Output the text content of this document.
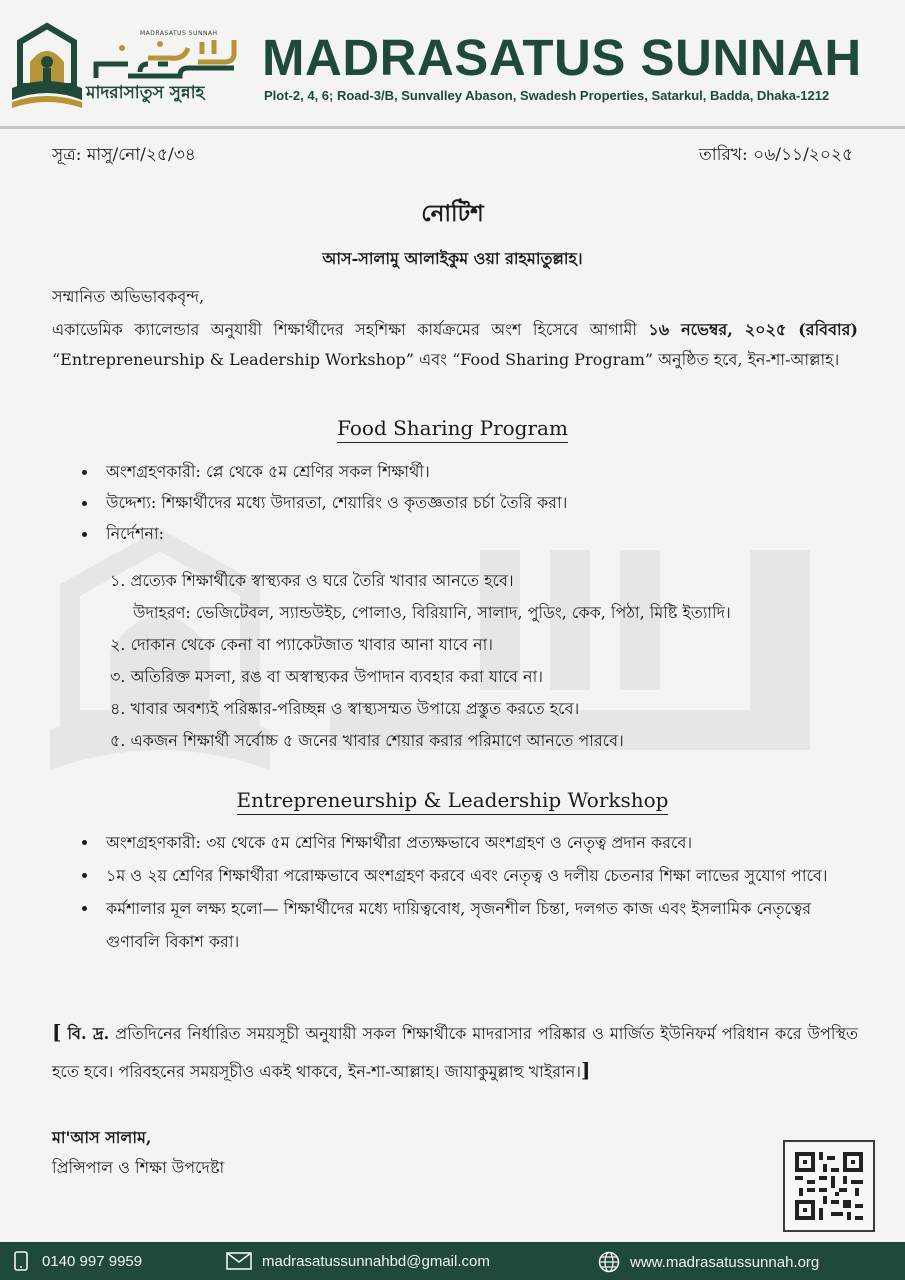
MADRASATUS SUNNAH
মাদরাসাতুস সুন্নাহ
MADRASATUS SUNNAH
Plot-2, 4, 6; Road-3/B, Sunvalley Abason, Swadesh Properties, Satarkul, Badda, Dhaka-1212
সূত্র: মাসু/নো/২৫/৩৪	তারিখ: ০৬/১১/২০২৫
নোটিশ
আস-সালামু আলাইকুম ওয়া রাহমাতুল্লাহ।
সম্মানিত অভিভাবকবৃন্দ,

একাডেমিক ক্যালেন্ডার অনুযায়ী শিক্ষার্থীদের সহশিক্ষা কার্যক্রমের অংশ হিসেবে আগামী ১৬ নভেম্বর, ২০২৫ (রবিবার) “Entrepreneurship & Leadership Workshop” এবং “Food Sharing Program” অনুষ্ঠিত হবে, ইন-শা-আল্লাহ।

Food Sharing Program
অংশগ্রহণকারী: প্লে থেকে ৫ম শ্রেণির সকল শিক্ষার্থী।
উদ্দেশ্য: শিক্ষার্থীদের মধ্যে উদারতা, শেয়ারিং ও কৃতজ্ঞতার চর্চা তৈরি করা।
নির্দেশনা:
১. প্রত্যেক শিক্ষার্থীকে স্বাস্থ্যকর ও ঘরে তৈরি খাবার আনতে হবে।
উদাহরণ: ভেজিটেবল, স্যান্ডউইচ, পোলাও, বিরিয়ানি, সালাদ, পুডিং, কেক, পিঠা, মিষ্টি ইত্যাদি।
২. দোকান থেকে কেনা বা প্যাকেটজাত খাবার আনা যাবে না।
৩. অতিরিক্ত মসলা, রঙ বা অস্বাস্থ্যকর উপাদান ব্যবহার করা যাবে না।
৪. খাবার অবশ্যই পরিষ্কার-পরিচ্ছন্ন ও স্বাস্থ্যসম্মত উপায়ে প্রস্তুত করতে হবে।
৫. একজন শিক্ষার্থী সর্বোচ্চ ৫ জনের খাবার শেয়ার করার পরিমাণে আনতে পারবে।
Entrepreneurship & Leadership Workshop
অংশগ্রহণকারী: ৩য় থেকে ৫ম শ্রেণির শিক্ষার্থীরা প্রত্যক্ষভাবে অংশগ্রহণ ও নেতৃত্ব প্রদান করবে।
১ম ও ২য় শ্রেণির শিক্ষার্থীরা পরোক্ষভাবে অংশগ্রহণ করবে এবং নেতৃত্ব ও দলীয় চেতনার শিক্ষা লাভের সুযোগ পাবে।
কর্মশালার মূল লক্ষ্য হলো— শিক্ষার্থীদের মধ্যে দায়িত্ববোধ, সৃজনশীল চিন্তা, দলগত কাজ এবং ইসলামিক নেতৃত্বের গুণাবলি বিকাশ করা।

[ বি. দ্র. প্রতিদিনের নির্ধারিত সময়সূচী অনুযায়ী সকল শিক্ষার্থীকে মাদরাসার পরিষ্কার ও মার্জিত ইউনিফর্ম পরিধান করে উপস্থিত হতে হবে। পরিবহনের সময়সূচীও একই থাকবে, ইন-শা-আল্লাহ। জাযাকুমুল্লাহু খাইরান।]

মা'আস সালাম,
প্রিন্সিপাল ও শিক্ষা উপদেষ্টা
0140 997 9959	madrasatussunnahbd@gmail.com	www.madrasatussunnah.org
